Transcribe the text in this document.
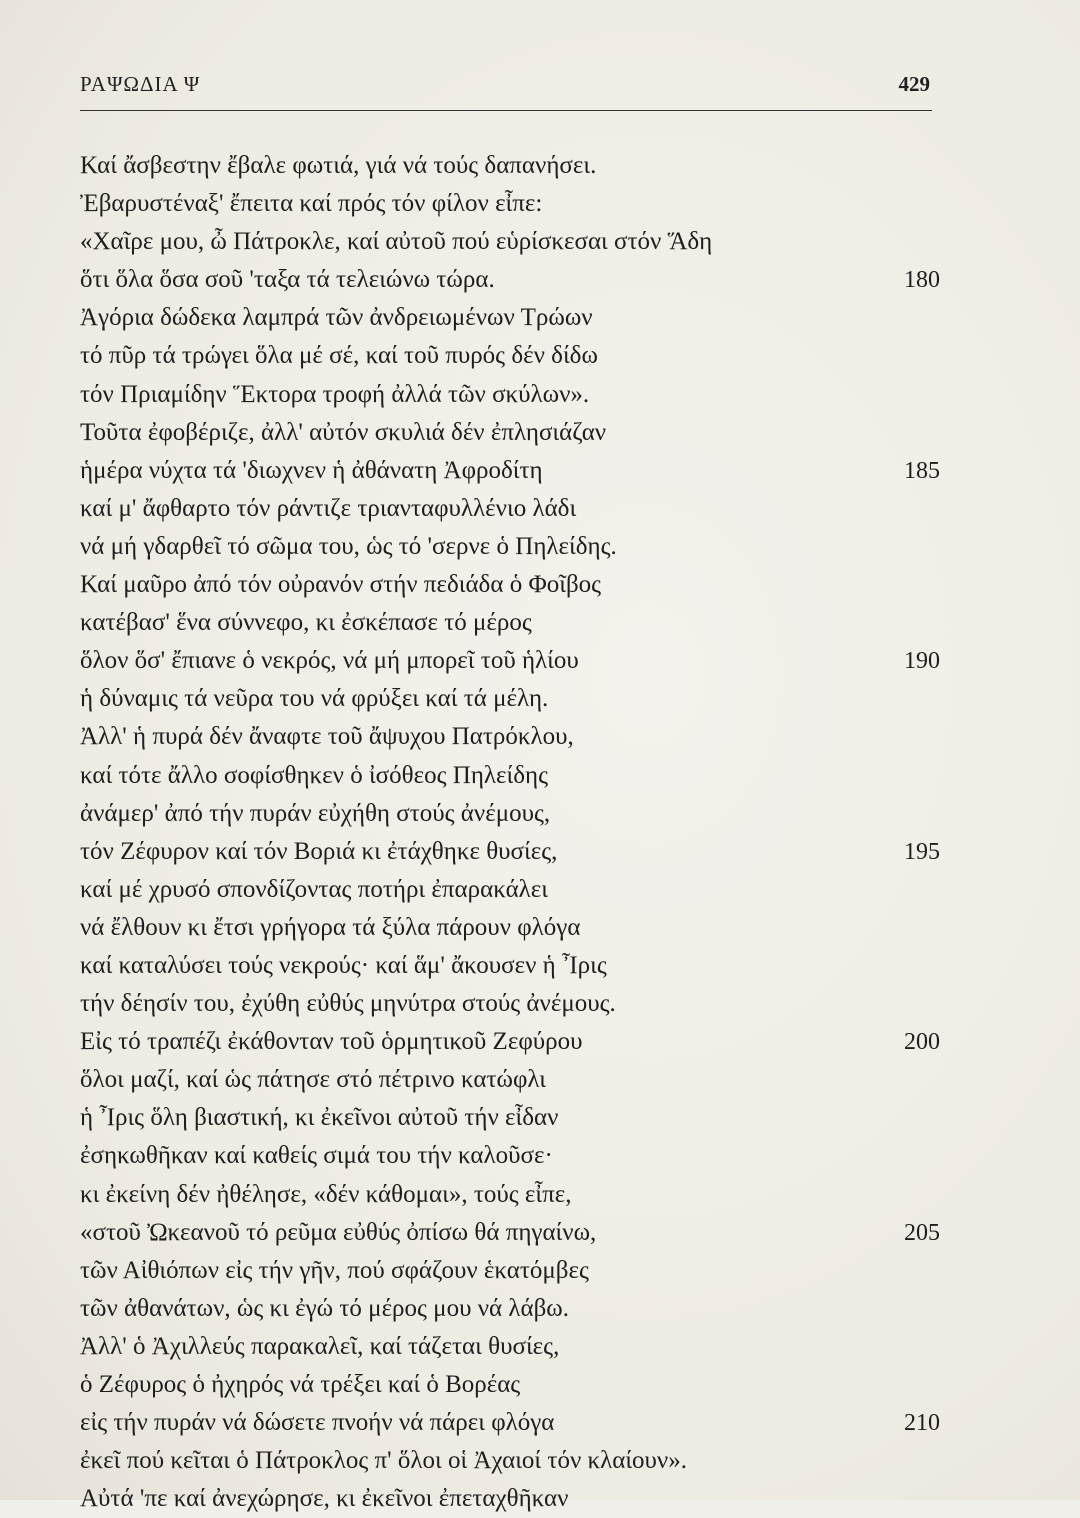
ΡΑΨΩΔΙΑ Ψ	429
Καί ἄσβεστην ἔβαλε φωτιά, γιά νά τούς δαπανήσει.
Ἐβαρυστέναξ' ἔπειτα καί πρός τόν φίλον εἶπε:
«Χαῖρε μου, ὦ Πάτροκλε, καί αὐτοῦ πού εὑρίσκεσαι στόν Ἅδη
ὅτι ὅλα ὅσα σοῦ 'ταξα τά τελειώνω τώρα.	180
Ἀγόρια δώδεκα λαμπρά τῶν ἀνδρειωμένων Τρώων
τό πῦρ τά τρώγει ὅλα μέ σέ, καί τοῦ πυρός δέν δίδω
τόν Πριαμίδην Ἕκτορα τροφή ἀλλά τῶν σκύλων».
Τοῦτα ἐφοβέριζε, ἀλλ' αὐτόν σκυλιά δέν ἐπλησιάζαν
ἡμέρα νύχτα τά 'διωχνεν ἡ ἀθάνατη Ἀφροδίτη	185
καί μ' ἄφθαρτο τόν ράντιζε τριανταφυλλένιο λάδι
νά μή γδαρθεῖ τό σῶμα του, ὡς τό 'σερνε ὁ Πηλείδης.
Καί μαῦρο ἀπό τόν οὐρανόν στήν πεδιάδα ὁ Φοῖβος
κατέβασ' ἕνα σύννεφο, κι ἐσκέπασε τό μέρος
ὅλον ὅσ' ἔπιανε ὁ νεκρός, νά μή μπορεῖ τοῦ ἡλίου	190
ἡ δύναμις τά νεῦρα του νά φρύξει καί τά μέλη.
Ἀλλ' ἡ πυρά δέν ἄναφτε τοῦ ἄψυχου Πατρόκλου,
καί τότε ἄλλο σοφίσθηκεν ὁ ἰσόθεος Πηλείδης
ἀνάμερ' ἀπό τήν πυράν εὐχήθη στούς ἀνέμους,
τόν Ζέφυρον καί τόν Βοριά κι ἐτάχθηκε θυσίες,	195
καί μέ χρυσό σπονδίζοντας ποτήρι ἐπαρακάλει
νά ἔλθουν κι ἔτσι γρήγορα τά ξύλα πάρουν φλόγα
καί καταλύσει τούς νεκρούς· καί ἅμ' ἄκουσεν ἡ Ἶρις
τήν δέησίν του, ἐχύθη εὐθύς μηνύτρα στούς ἀνέμους.
Εἰς τό τραπέζι ἐκάθονταν τοῦ ὁρμητικοῦ Ζεφύρου	200
ὅλοι μαζί, καί ὡς πάτησε στό πέτρινο κατώφλι
ἡ Ἶρις ὅλη βιαστική, κι ἐκεῖνοι αὐτοῦ τήν εἶδαν
ἐσηκωθῆκαν καί καθείς σιμά του τήν καλοῦσε·
κι ἐκείνη δέν ἠθέλησε, «δέν κάθομαι», τούς εἶπε,
«στοῦ Ὠκεανοῦ τό ρεῦμα εὐθύς ὀπίσω θά πηγαίνω,	205
τῶν Αἰθιόπων εἰς τήν γῆν, πού σφάζουν ἑκατόμβες
τῶν ἀθανάτων, ὡς κι ἐγώ τό μέρος μου νά λάβω.
Ἀλλ' ὁ Ἀχιλλεύς παρακαλεῖ, καί τάζεται θυσίες,
ὁ Ζέφυρος ὁ ἠχηρός νά τρέξει καί ὁ Βορέας
εἰς τήν πυράν νά δώσετε πνοήν νά πάρει φλόγα	210
ἐκεῖ πού κεῖται ὁ Πάτροκλος π' ὅλοι οἱ Ἀχαιοί τόν κλαίουν».
Αὐτά 'πε καί ἀνεχώρησε, κι ἐκεῖνοι ἐπεταχθῆκαν
